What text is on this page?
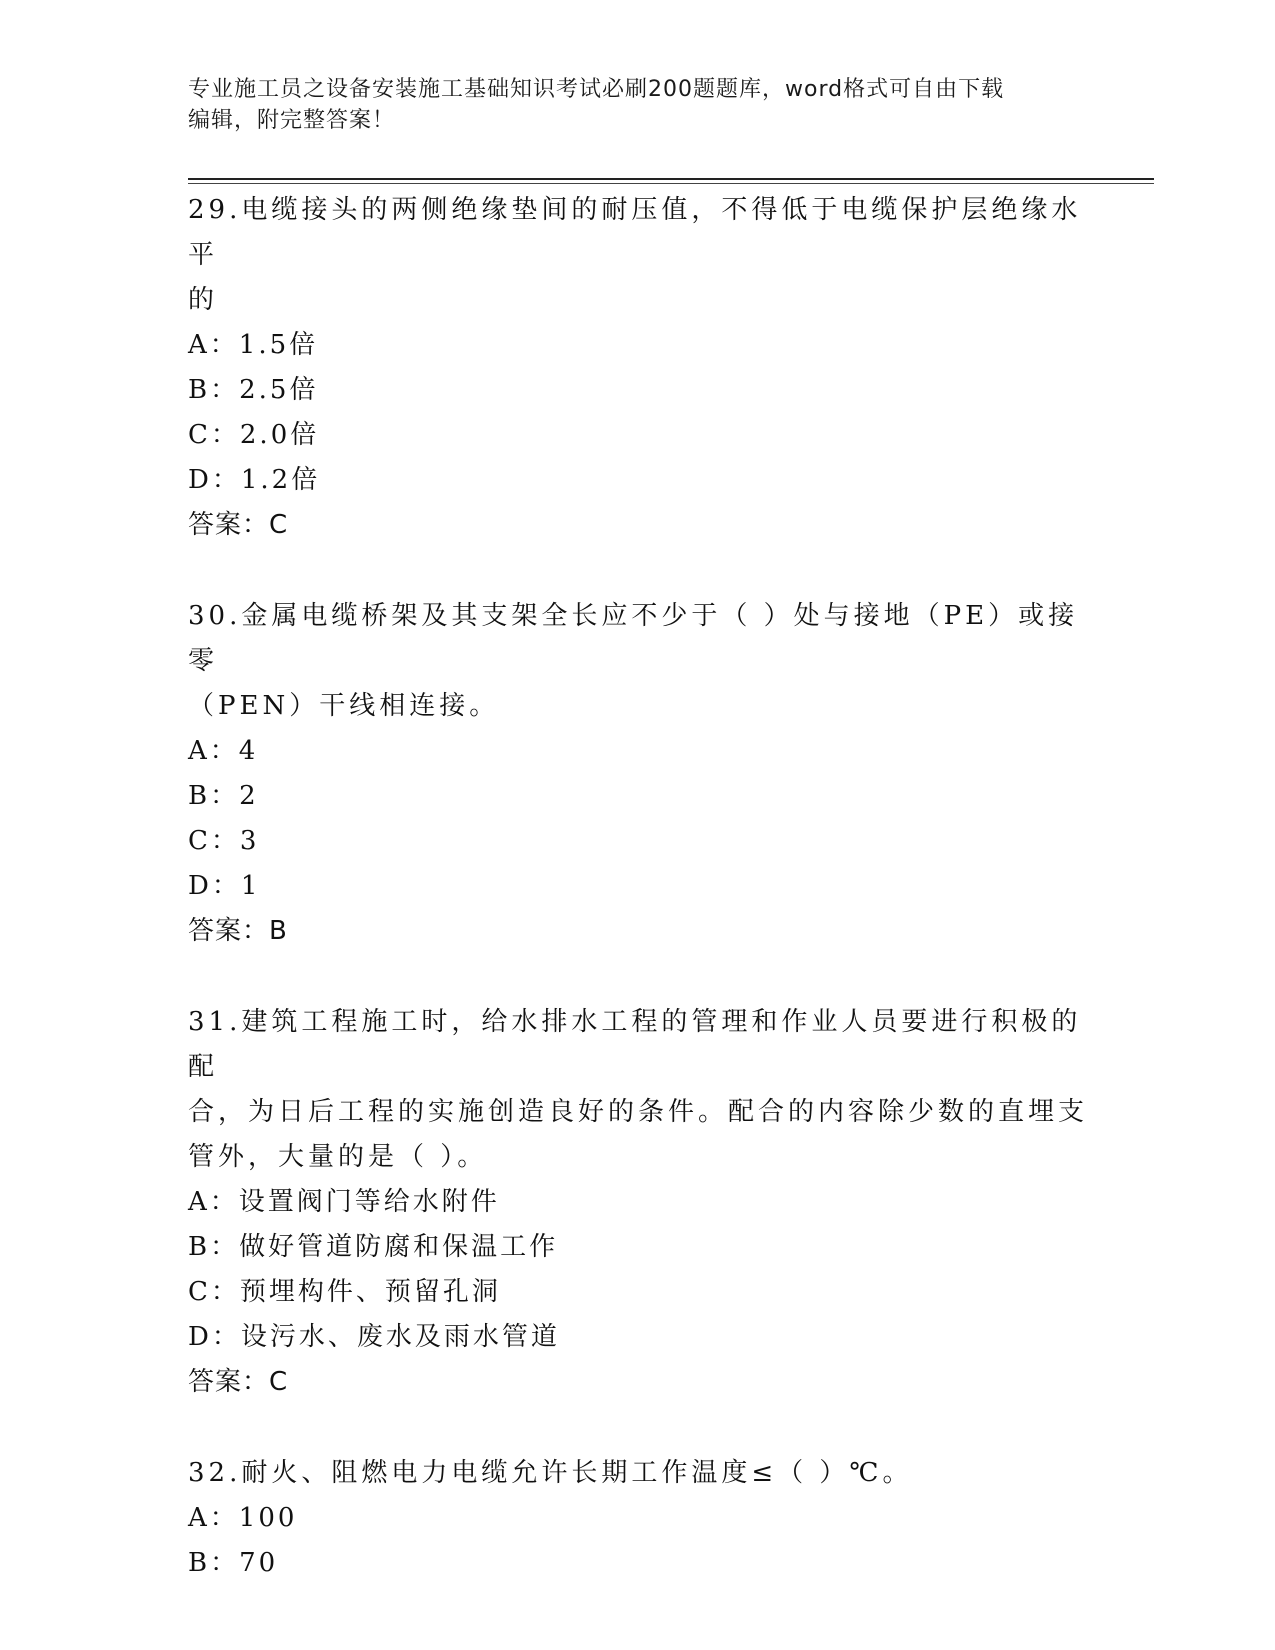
专业施工员之设备安装施工基础知识考试必刷200题题库，word格式可自由下载
编辑，附完整答案！
29.电缆接头的两侧绝缘垫间的耐压值，不得低于电缆保护层绝缘水平
的
A：1.5倍
B：2.5倍
C：2.0倍
D：1.2倍
答案：C
30.金属电缆桥架及其支架全长应不少于（ ）处与接地（PE）或接零
（PEN）干线相连接。
A：4
B：2
C：3
D：1
答案：B
31.建筑工程施工时，给水排水工程的管理和作业人员要进行积极的配
合，为日后工程的实施创造良好的条件。配合的内容除少数的直埋支
管外，大量的是（ ）。
A：设置阀门等给水附件
B：做好管道防腐和保温工作
C：预埋构件、预留孔洞
D：设污水、废水及雨水管道
答案：C
32.耐火、阻燃电力电缆允许长期工作温度≤（ ）℃。
A：100
B：70
